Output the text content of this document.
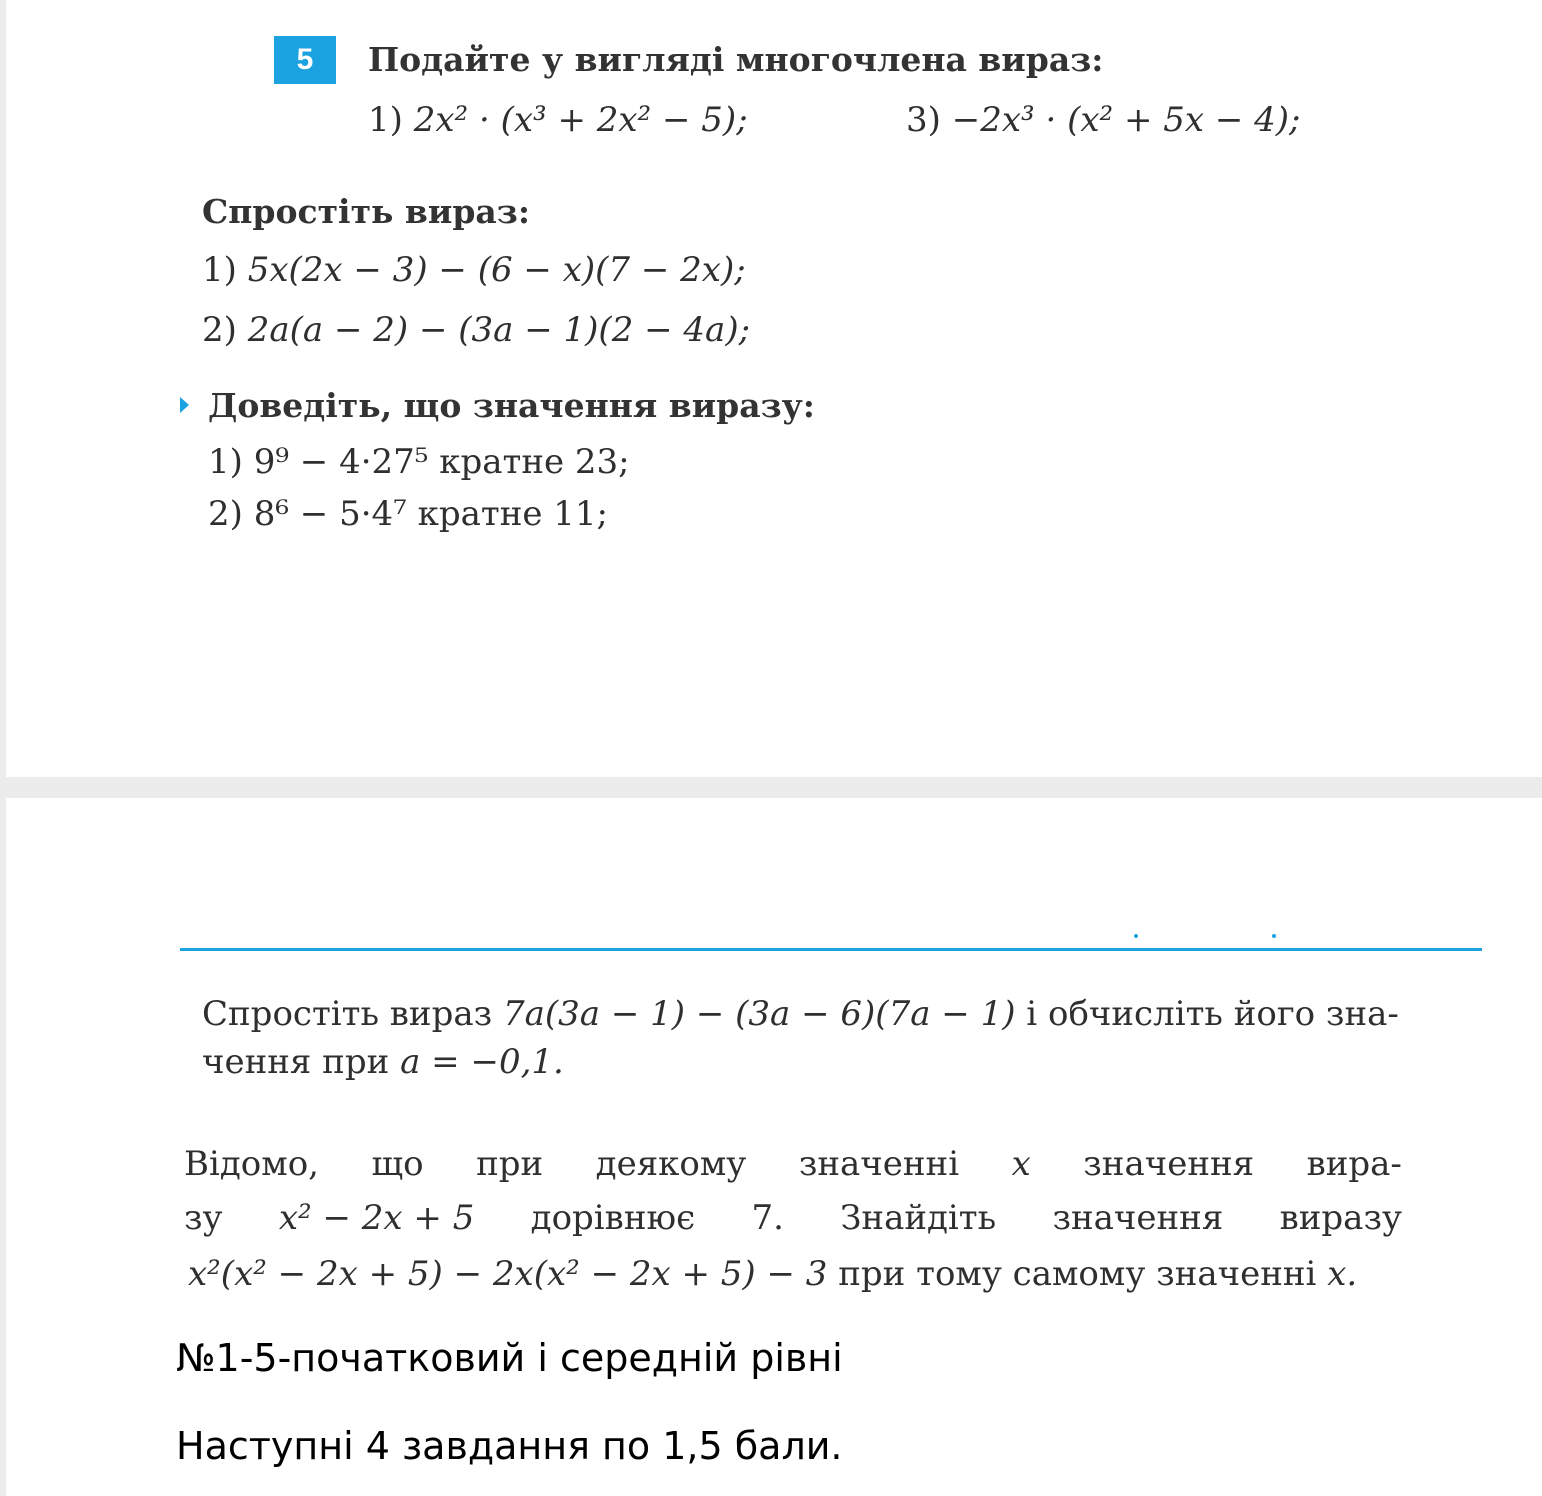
5	Подайте у вигляді многочлена вираз:
1) 2x² · (x³ + 2x² − 5);	3) −2x³ · (x² + 5x − 4);
Спростіть вираз:
1) 5x(2x − 3) − (6 − x)(7 − 2x);
2) 2a(a − 2) − (3a − 1)(2 − 4a);
Доведіть, що значення виразу:
1) 9⁹ − 4·27⁵ кратне 23;
2) 8⁶ − 5·4⁷ кратне 11;
Спростіть вираз 7a(3a − 1) − (3a − 6)(7a − 1) і обчисліть його зна-
чення при a = −0,1.
Відомо, що при деякому значенні x значення вира-
зу x² − 2x + 5 дорівнює 7. Знайдіть значення виразу
x²(x² − 2x + 5) − 2x(x² − 2x + 5) − 3 при тому самому значенні x.
№1-5-початковий і середній рівні
Наступні 4 завдання по 1,5 бали.
